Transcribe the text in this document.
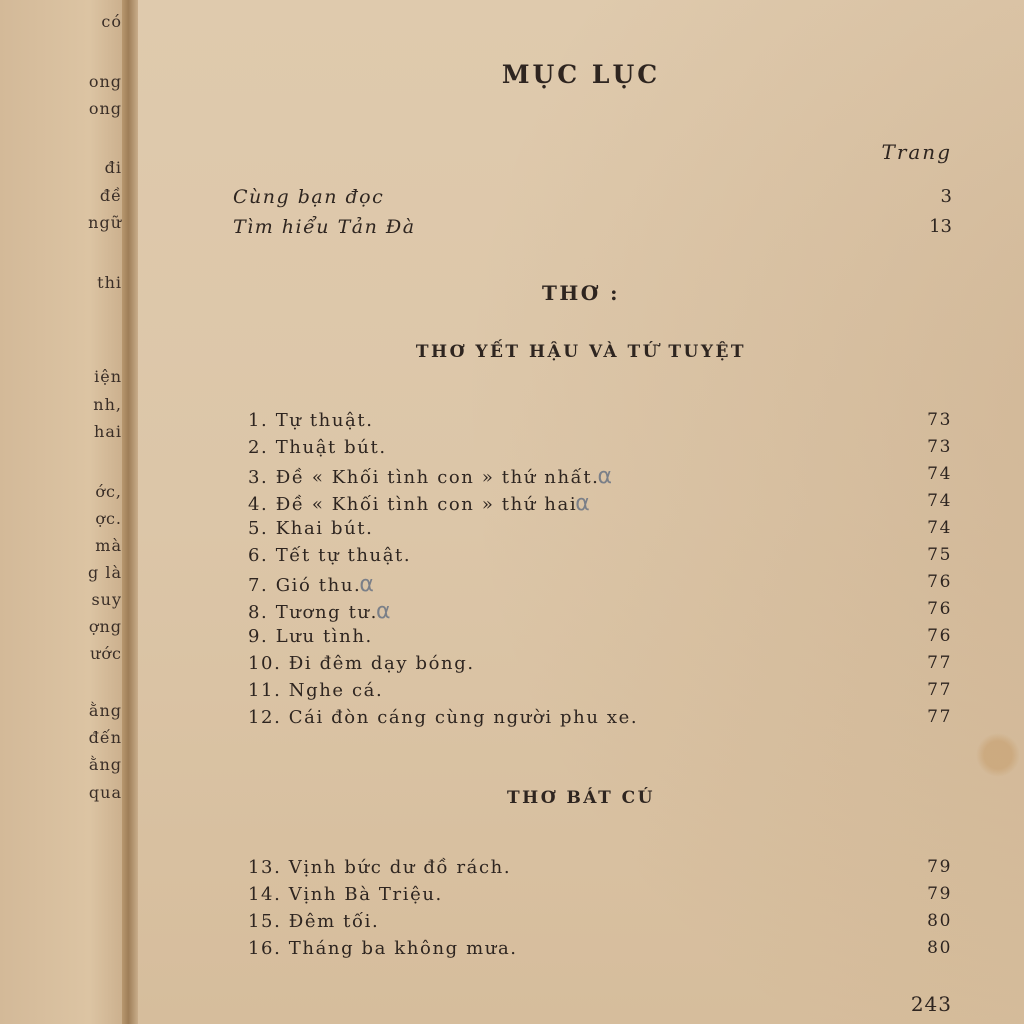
có
ong
ong
đi
đề
ngữ
thi
iện
nh,
hai
ớc,
ợc.
mà
g là
suy
ợng
ước
ằng
đến
ằng
qua
MỤC LỤC
Trang
Cùng bạn đọc	3
Tìm hiểu Tản Đà	13
THƠ :
THƠ YẾT HẬU VÀ TỨ TUYỆT
1. Tự thuật.	73
2. Thuật bút.	73
3. Đề « Khối tình con » thứ nhất.α	74
4. Đề « Khối tình con » thứ haiα	74
5. Khai bút.	74
6. Tết tự thuật.	75
7. Gió thu.α	76
8. Tương tư.α	76
9. Lưu tình.	76
10. Đi đêm dạy bóng.	77
11. Nghe cá.	77
12. Cái đòn cáng cùng người phu xe.	77
THƠ BÁT CÚ
13. Vịnh bức dư đồ rách.	79
14. Vịnh Bà Triệu.	79
15. Đêm tối.	80
16. Tháng ba không mưa.	80
243
